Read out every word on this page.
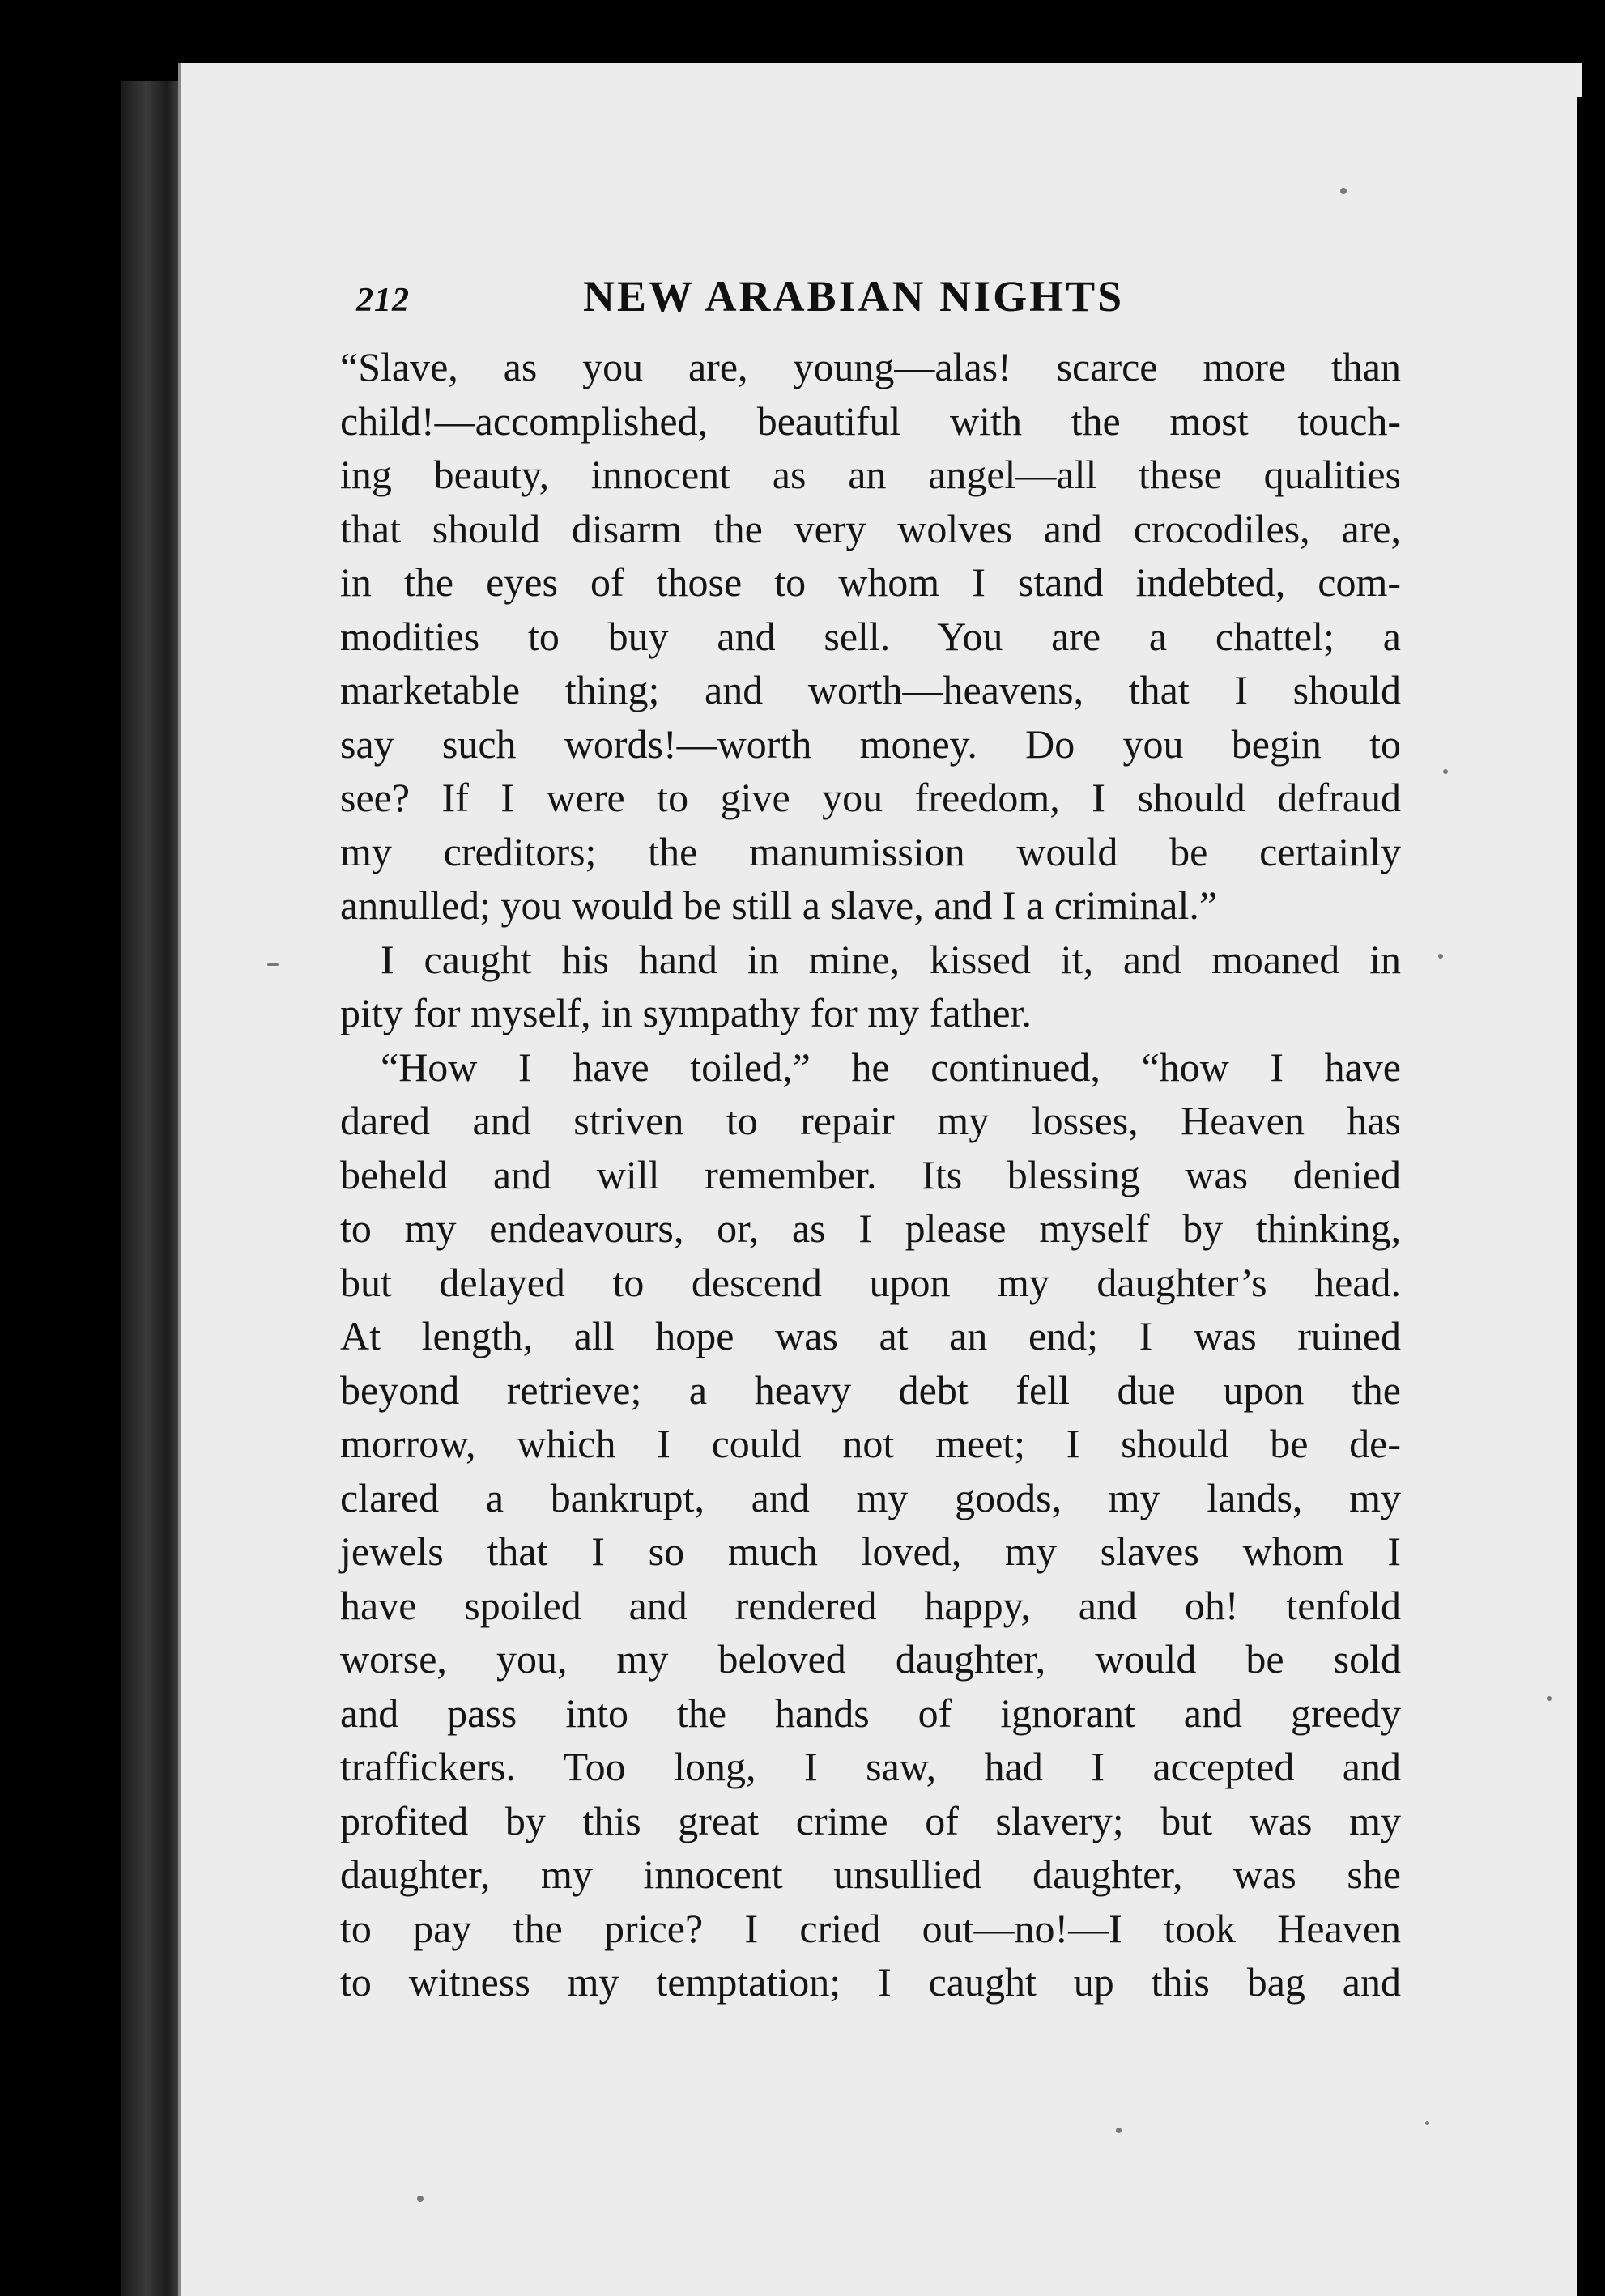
212	NEW ARABIAN NIGHTS
“Slave, as you are, young—alas! scarce more than
child!—accomplished, beautiful with the most touch-
ing beauty, innocent as an angel—all these qualities
that should disarm the very wolves and crocodiles, are,
in the eyes of those to whom I stand indebted, com-
modities to buy and sell. You are a chattel; a
marketable thing; and worth—heavens, that I should
say such words!—worth money. Do you begin to
see? If I were to give you freedom, I should defraud
my creditors; the manumission would be certainly
annulled; you would be still a slave, and I a criminal.”
I caught his hand in mine, kissed it, and moaned in
pity for myself, in sympathy for my father.
“How I have toiled,” he continued, “how I have
dared and striven to repair my losses, Heaven has
beheld and will remember. Its blessing was denied
to my endeavours, or, as I please myself by thinking,
but delayed to descend upon my daughter’s head.
At length, all hope was at an end; I was ruined
beyond retrieve; a heavy debt fell due upon the
morrow, which I could not meet; I should be de-
clared a bankrupt, and my goods, my lands, my
jewels that I so much loved, my slaves whom I
have spoiled and rendered happy, and oh! tenfold
worse, you, my beloved daughter, would be sold
and pass into the hands of ignorant and greedy
traffickers. Too long, I saw, had I accepted and
profited by this great crime of slavery; but was my
daughter, my innocent unsullied daughter, was she
to pay the price? I cried out—no!—I took Heaven
to witness my temptation; I caught up this bag and
